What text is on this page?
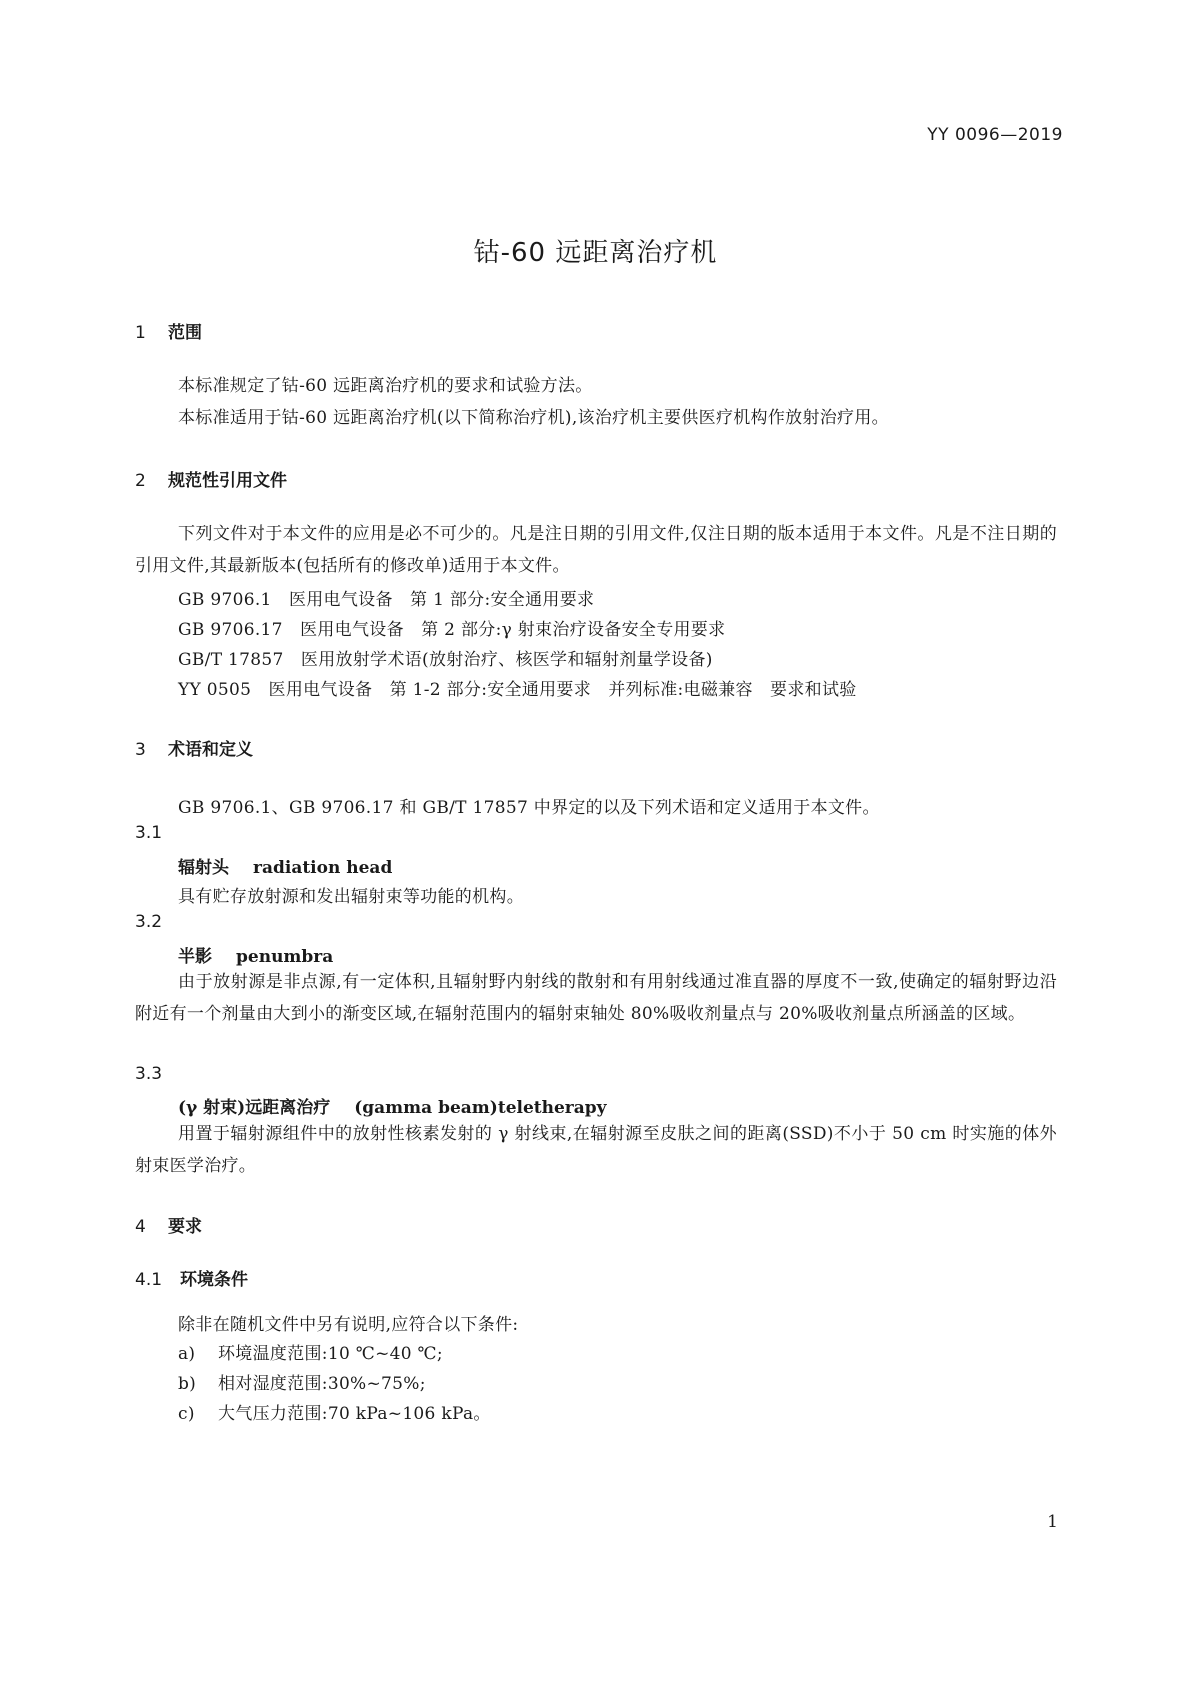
YY 0096—2019
钴-60 远距离治疗机
1 范围
本标准规定了钴-60 远距离治疗机的要求和试验方法。
本标准适用于钴-60 远距离治疗机(以下简称治疗机),该治疗机主要供医疗机构作放射治疗用。
2 规范性引用文件
下列文件对于本文件的应用是必不可少的。凡是注日期的引用文件,仅注日期的版本适用于本文件。凡是不注日期的引用文件,其最新版本(包括所有的修改单)适用于本文件。
GB 9706.1　医用电气设备　第 1 部分:安全通用要求
GB 9706.17　医用电气设备　第 2 部分:γ 射束治疗设备安全专用要求
GB/T 17857　医用放射学术语(放射治疗、核医学和辐射剂量学设备)
YY 0505　医用电气设备　第 1-2 部分:安全通用要求　并列标准:电磁兼容　要求和试验
3 术语和定义
GB 9706.1、GB 9706.17 和 GB/T 17857 中界定的以及下列术语和定义适用于本文件。
3.1
辐射头 radiation head
具有贮存放射源和发出辐射束等功能的机构。
3.2
半影 penumbra
由于放射源是非点源,有一定体积,且辐射野内射线的散射和有用射线通过准直器的厚度不一致,使确定的辐射野边沿附近有一个剂量由大到小的渐变区域,在辐射范围内的辐射束轴处 80%吸收剂量点与 20%吸收剂量点所涵盖的区域。
3.3
(γ 射束)远距离治疗 (gamma beam)teletherapy
用置于辐射源组件中的放射性核素发射的 γ 射线束,在辐射源至皮肤之间的距离(SSD)不小于 50 cm 时实施的体外射束医学治疗。
4 要求
4.1 环境条件
除非在随机文件中另有说明,应符合以下条件:
a) 环境温度范围:10 ℃~40 ℃;
b) 相对湿度范围:30%~75%;
c) 大气压力范围:70 kPa~106 kPa。
1
